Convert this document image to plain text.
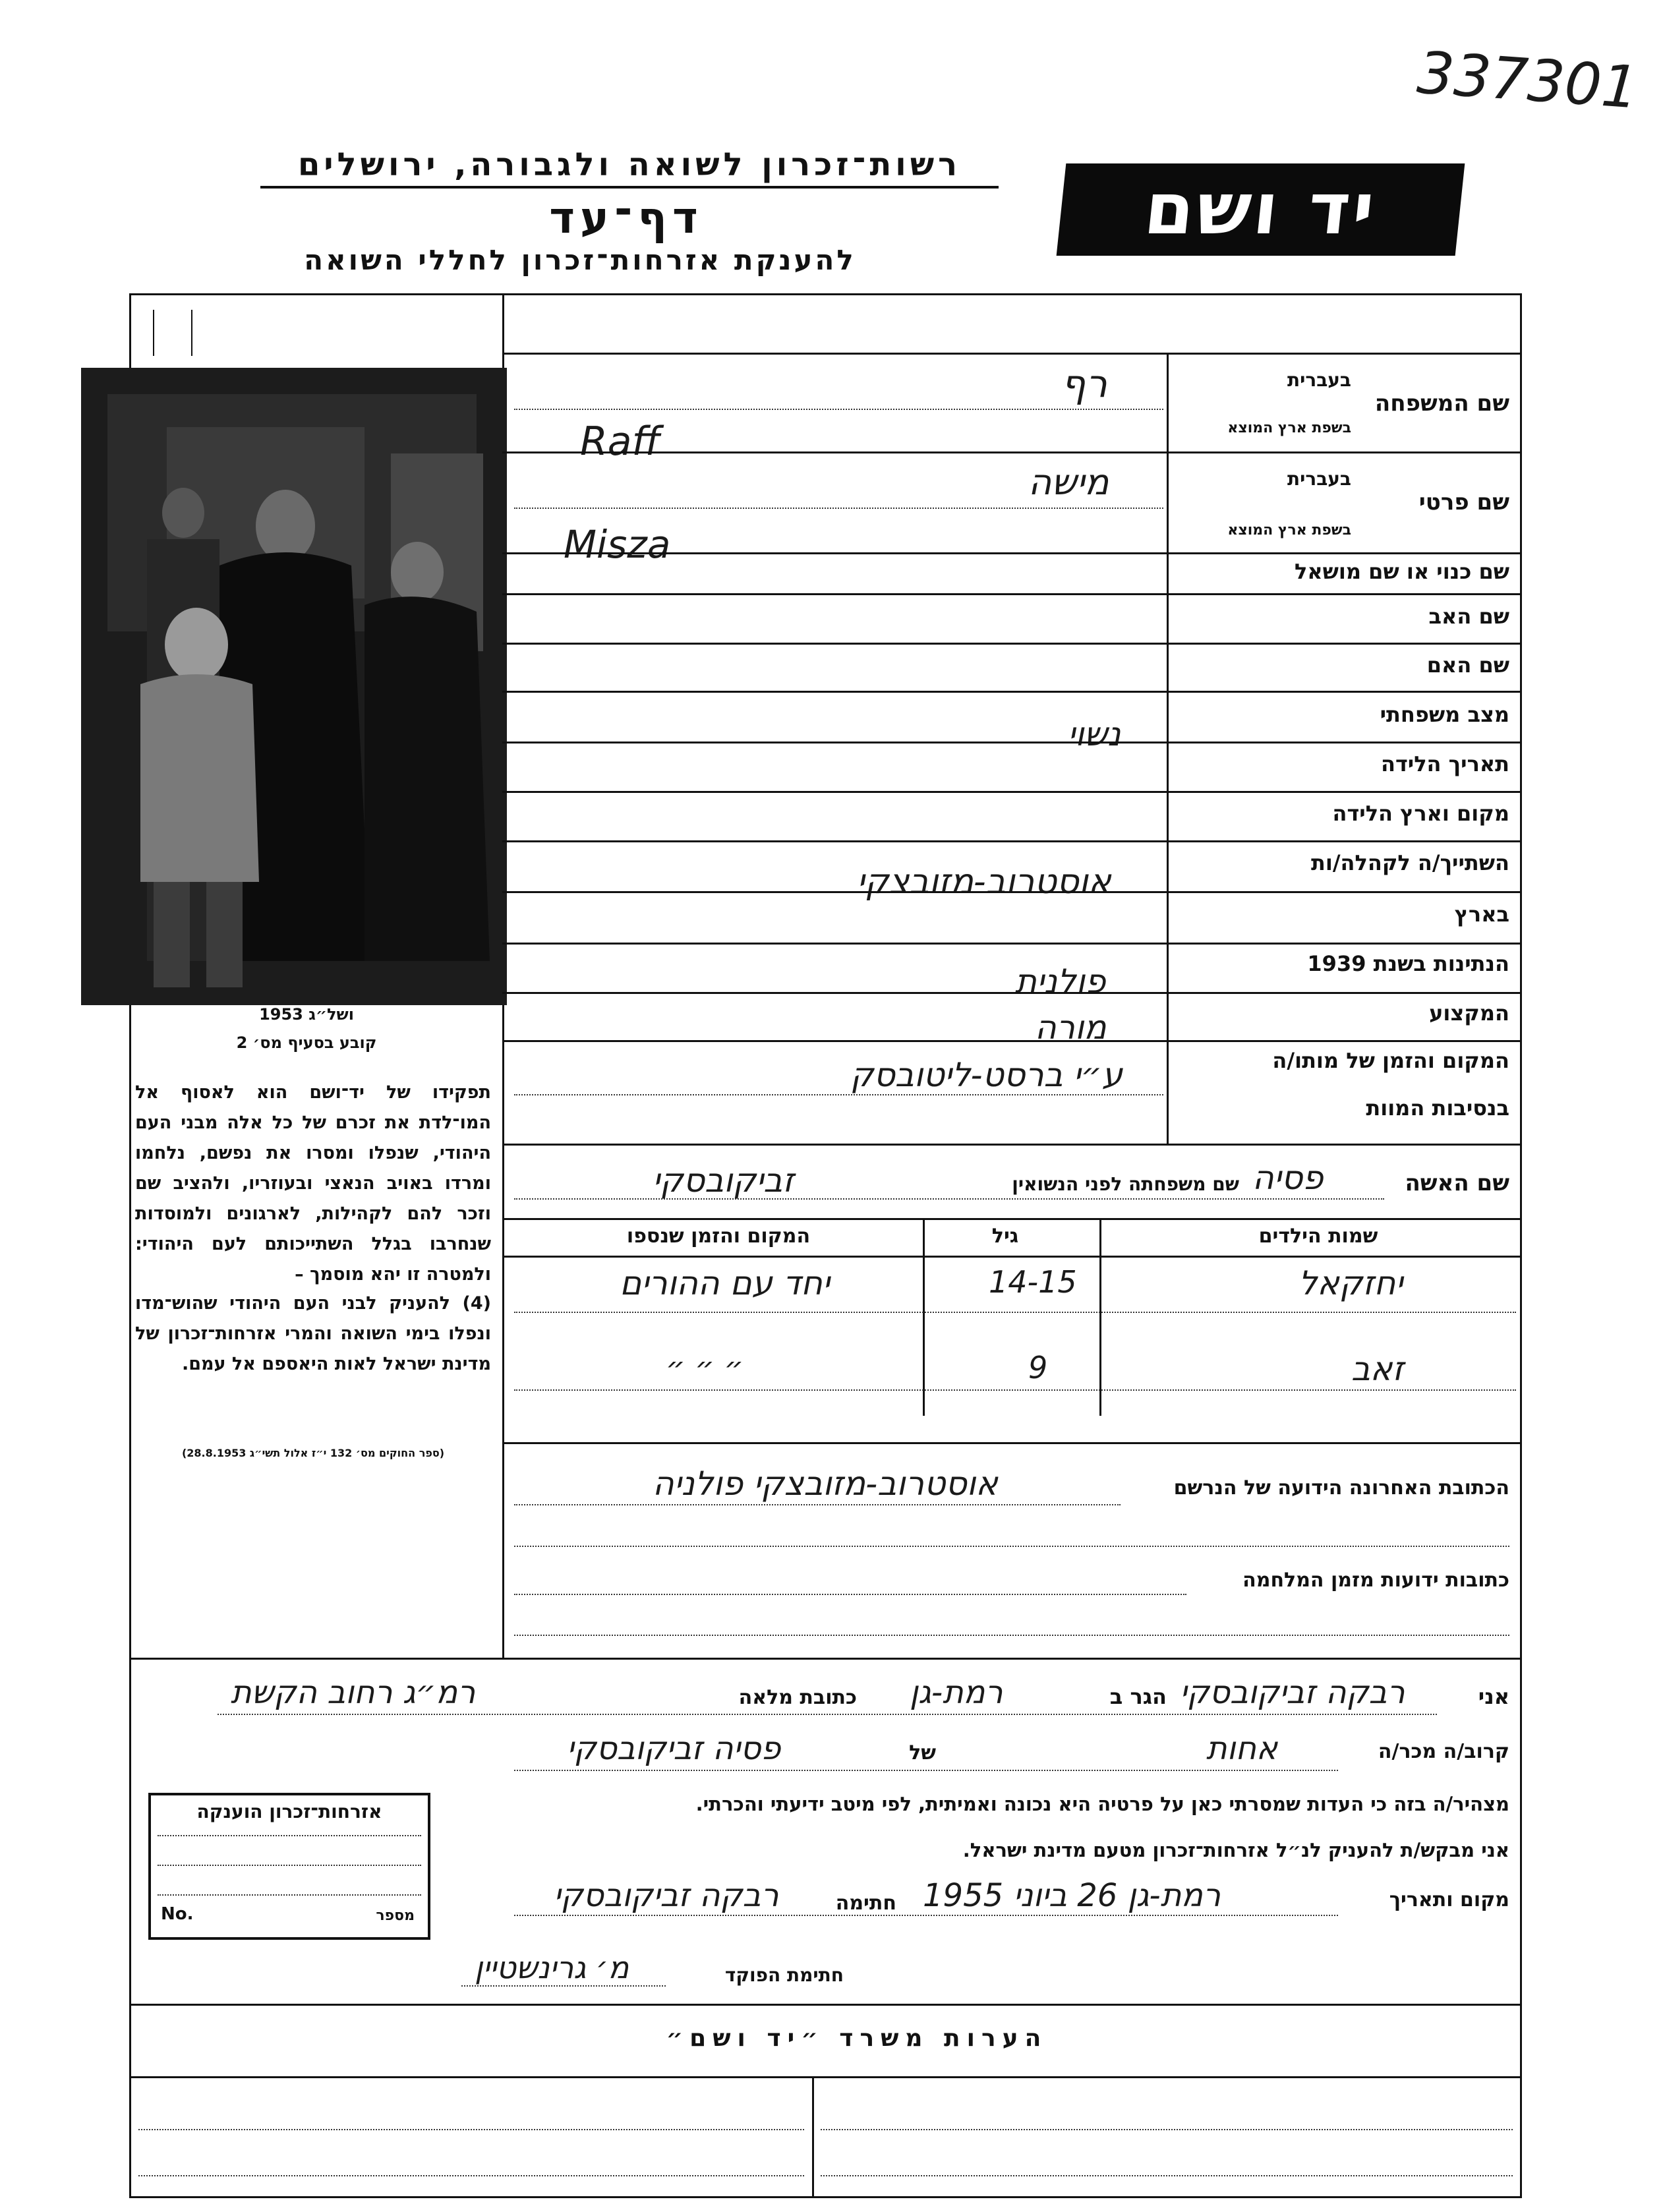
337301
רשות־זכרון לשואה ולגבורה, ירושלים
דף־עד
להענקת אזרחות־זכרון לחללי השואה
יד ושם
ושל״ג 1953
קובע בסעיף מס׳ 2
תפקידו של יד־ושם הוא לאסוף אל המו־לדת את זכרם של כל אלה מבני העם היהודי, שנפלו ומסרו את נפשם, נלחמו ומרדו באויב הנאצי ובעוזריו, ולהציב שם וזכר להם לקהילות, לארגונים ולמוסדות שנחרבו בגלל השתייכותם לעם היהודי: ולמטרה זו יהא מוסמך –
(4) להעניק לבני העם היהודי שהוש־מדו ונפלו בימי השואה והמרי אזרחות־זכרון של מדינת ישראל לאות היאספם אל עמם.
(ספר החוקים מס׳ 132 י״ז אלול תשי״ג 28.8.1953)
בעברית
שם המשפחה
בשפת ארץ המוצא
רף
Raff
בעברית
שם פרטי
בשפת ארץ המוצא
מישה
Misza
שם כנוי או שם מושאל
שם האב
שם האם
מצב משפחתי
נשוי
תאריך הלידה
מקום וארץ הלידה
השתייך/ה לקהלה/ות
אוסטרוב-מזובצקי
בארץ
הנתינות בשנת 1939
פולנית
המקצוע
מורה
המקום והזמן של מותו/ה
ע״י ברסט-ליטובסק
בנסיבות המוות
שם האשה
פסיה
שם משפחתה לפני הנשואין
זביקובסקי
שמות הילדים
גיל
המקום והזמן שנספו
יחזקאל
14-15
יחד עם ההורים
זאב
9
״ ״ ״
הכתובת האחרונה הידועה של הנרשם
אוסטרוב-מזובצקי פולניה
כתובות ידועות מזמן המלחמה
אני
רבקה זביקובסקי
הגר ב
רמת-גן
כתובת מלאה
רמ״ג רחוב הקשת
קרוב/ה מכר/ה
אחות
של
פסיה זביקובסקי
מצהיר/ה בזה כי העדות שמסרתי כאן על פרטיה היא נכונה ואמיתית, לפי מיטב ידיעתי והכרתי.
אני מבקש/ת להעניק לנ״ל אזרחות־זכרון מטעם מדינת ישראל.
מקום ותאריך
רמת-גן 26 ביוני 1955
חתימה
רבקה זביקובסקי
אזרחות־זכרון הוענקה
מספר
No.
חתימת הפוקד
מ׳ גרינשטיין
הערות משרד ״יד ושם״
